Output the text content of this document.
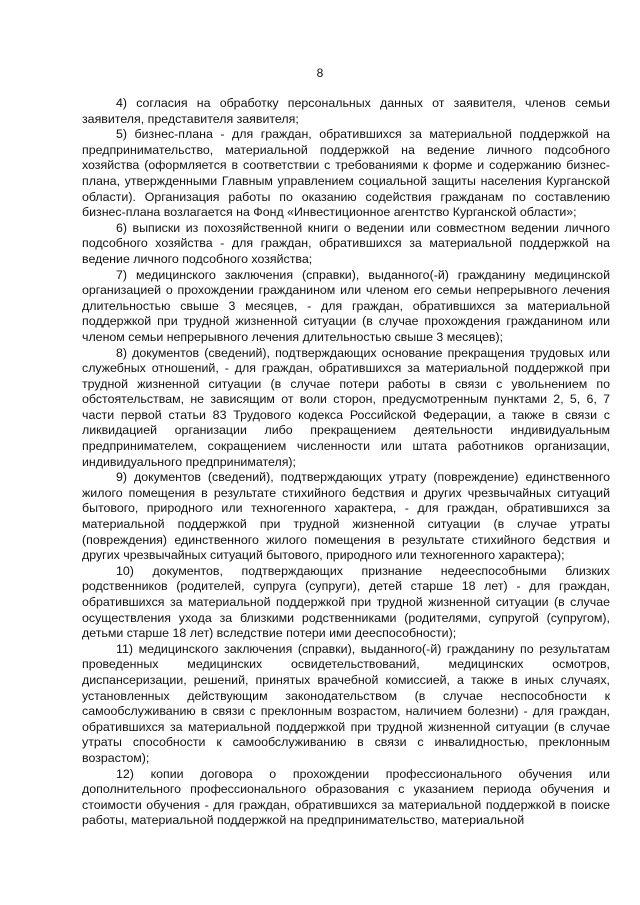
8

4) согласия на обработку персональных данных от заявителя, членов семьи заявителя, представителя заявителя;

5) бизнес-плана - для граждан, обратившихся за материальной поддержкой на предпринимательство, материальной поддержкой на ведение личного подсобного хозяйства (оформляется в соответствии с требованиями к форме и содержанию бизнес-плана, утвержденными Главным управлением социальной защиты населения Курганской области). Организация работы по оказанию содействия гражданам по составлению бизнес-плана возлагается на Фонд «Инвестиционное агентство Курганской области»;

6) выписки из похозяйственной книги о ведении или совместном ведении личного подсобного хозяйства - для граждан, обратившихся за материальной поддержкой на ведение личного подсобного хозяйства;

7) медицинского заключения (справки), выданного(-й) гражданину медицинской организацией о прохождении гражданином или членом его семьи непрерывного лечения длительностью свыше 3 месяцев, - для граждан, обратившихся за материальной поддержкой при трудной жизненной ситуации (в случае прохождения гражданином или членом семьи непрерывного лечения длительностью свыше 3 месяцев);

8) документов (сведений), подтверждающих основание прекращения трудовых или служебных отношений, - для граждан, обратившихся за материальной поддержкой при трудной жизненной ситуации (в случае потери работы в связи с увольнением по обстоятельствам, не зависящим от воли сторон, предусмотренным пунктами 2, 5, 6, 7 части первой статьи 83 Трудового кодекса Российской Федерации, а также в связи с ликвидацией организации либо прекращением деятельности индивидуальным предпринимателем, сокращением численности или штата работников организации, индивидуального предпринимателя);

9) документов (сведений), подтверждающих утрату (повреждение) единственного жилого помещения в результате стихийного бедствия и других чрезвычайных ситуаций бытового, природного или техногенного характера, - для граждан, обратившихся за материальной поддержкой при трудной жизненной ситуации (в случае утраты (повреждения) единственного жилого помещения в результате стихийного бедствия и других чрезвычайных ситуаций бытового, природного или техногенного характера);

10) документов, подтверждающих признание недееспособными близких родственников (родителей, супруга (супруги), детей старше 18 лет) - для граждан, обратившихся за материальной поддержкой при трудной жизненной ситуации (в случае осуществления ухода за близкими родственниками (родителями, супругой (супругом), детьми старше 18 лет) вследствие потери ими дееспособности);

11) медицинского заключения (справки), выданного(-й) гражданину по результатам проведенных медицинских освидетельствований, медицинских осмотров, диспансеризации, решений, принятых врачебной комиссией, а также в иных случаях, установленных действующим законодательством (в случае неспособности к самообслуживанию в связи с преклонным возрастом, наличием болезни) - для граждан, обратившихся за материальной поддержкой при трудной жизненной ситуации (в случае утраты способности к самообслуживанию в связи с инвалидностью, преклонным возрастом);

12) копии договора о прохождении профессионального обучения или дополнительного профессионального образования с указанием периода обучения и стоимости обучения - для граждан, обратившихся за материальной поддержкой в поиске работы, материальной поддержкой на предпринимательство, материальной
